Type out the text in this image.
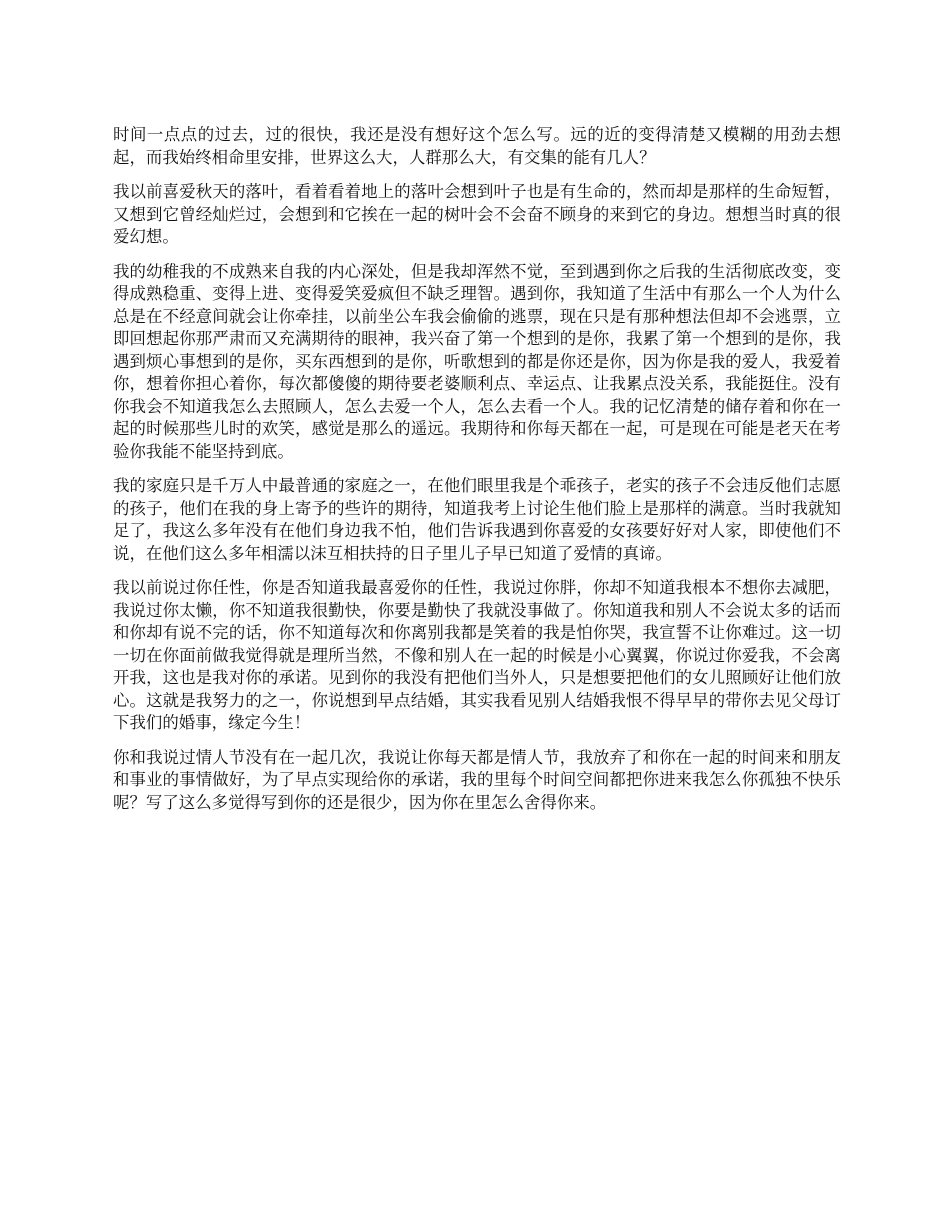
时间一点点的过去，过的很快，我还是没有想好这个怎么写。远的近的变得清楚又模糊的用劲去想起，而我始终相命里安排，世界这么大，人群那么大，有交集的能有几人？

我以前喜爱秋天的落叶，看着看着地上的落叶会想到叶子也是有生命的，然而却是那样的生命短暂，又想到它曾经灿烂过，会想到和它挨在一起的树叶会不会奋不顾身的来到它的身边。想想当时真的很爱幻想。

我的幼稚我的不成熟来自我的内心深处，但是我却浑然不觉，至到遇到你之后我的生活彻底改变，变得成熟稳重、变得上进、变得爱笑爱疯但不缺乏理智。遇到你，我知道了生活中有那么一个人为什么总是在不经意间就会让你牵挂，以前坐公车我会偷偷的逃票，现在只是有那种想法但却不会逃票，立即回想起你那严肃而又充满期待的眼神，我兴奋了第一个想到的是你，我累了第一个想到的是你，我遇到烦心事想到的是你，买东西想到的是你，听歌想到的都是你还是你，因为你是我的爱人，我爱着你，想着你担心着你，每次都傻傻的期待要老婆顺利点、幸运点、让我累点没关系，我能挺住。没有你我会不知道我怎么去照顾人，怎么去爱一个人，怎么去看一个人。我的记忆清楚的储存着和你在一起的时候那些儿时的欢笑，感觉是那么的遥远。我期待和你每天都在一起，可是现在可能是老天在考验你我能不能坚持到底。

我的家庭只是千万人中最普通的家庭之一，在他们眼里我是个乖孩子，老实的孩子不会违反他们志愿的孩子，他们在我的身上寄予的些许的期待，知道我考上讨论生他们脸上是那样的满意。当时我就知足了，我这么多年没有在他们身边我不怕，他们告诉我遇到你喜爱的女孩要好好对人家，即使他们不说，在他们这么多年相濡以沫互相扶持的日子里儿子早已知道了爱情的真谛。

我以前说过你任性，你是否知道我最喜爱你的任性，我说过你胖，你却不知道我根本不想你去减肥，我说过你太懒，你不知道我很勤快，你要是勤快了我就没事做了。你知道我和别人不会说太多的话而和你却有说不完的话，你不知道每次和你离别我都是笑着的我是怕你哭，我宣誓不让你难过。这一切一切在你面前做我觉得就是理所当然，不像和别人在一起的时候是小心翼翼，你说过你爱我，不会离开我，这也是我对你的承诺。见到你的我没有把他们当外人，只是想要把他们的女儿照顾好让他们放心。这就是我努力的之一，你说想到早点结婚，其实我看见别人结婚我恨不得早早的带你去见父母订下我们的婚事，缘定今生！

你和我说过情人节没有在一起几次，我说让你每天都是情人节，我放弃了和你在一起的时间来和朋友和事业的事情做好，为了早点实现给你的承诺，我的里每个时间空间都把你进来我怎么你孤独不快乐呢？写了这么多觉得写到你的还是很少，因为你在里怎么舍得你来。
